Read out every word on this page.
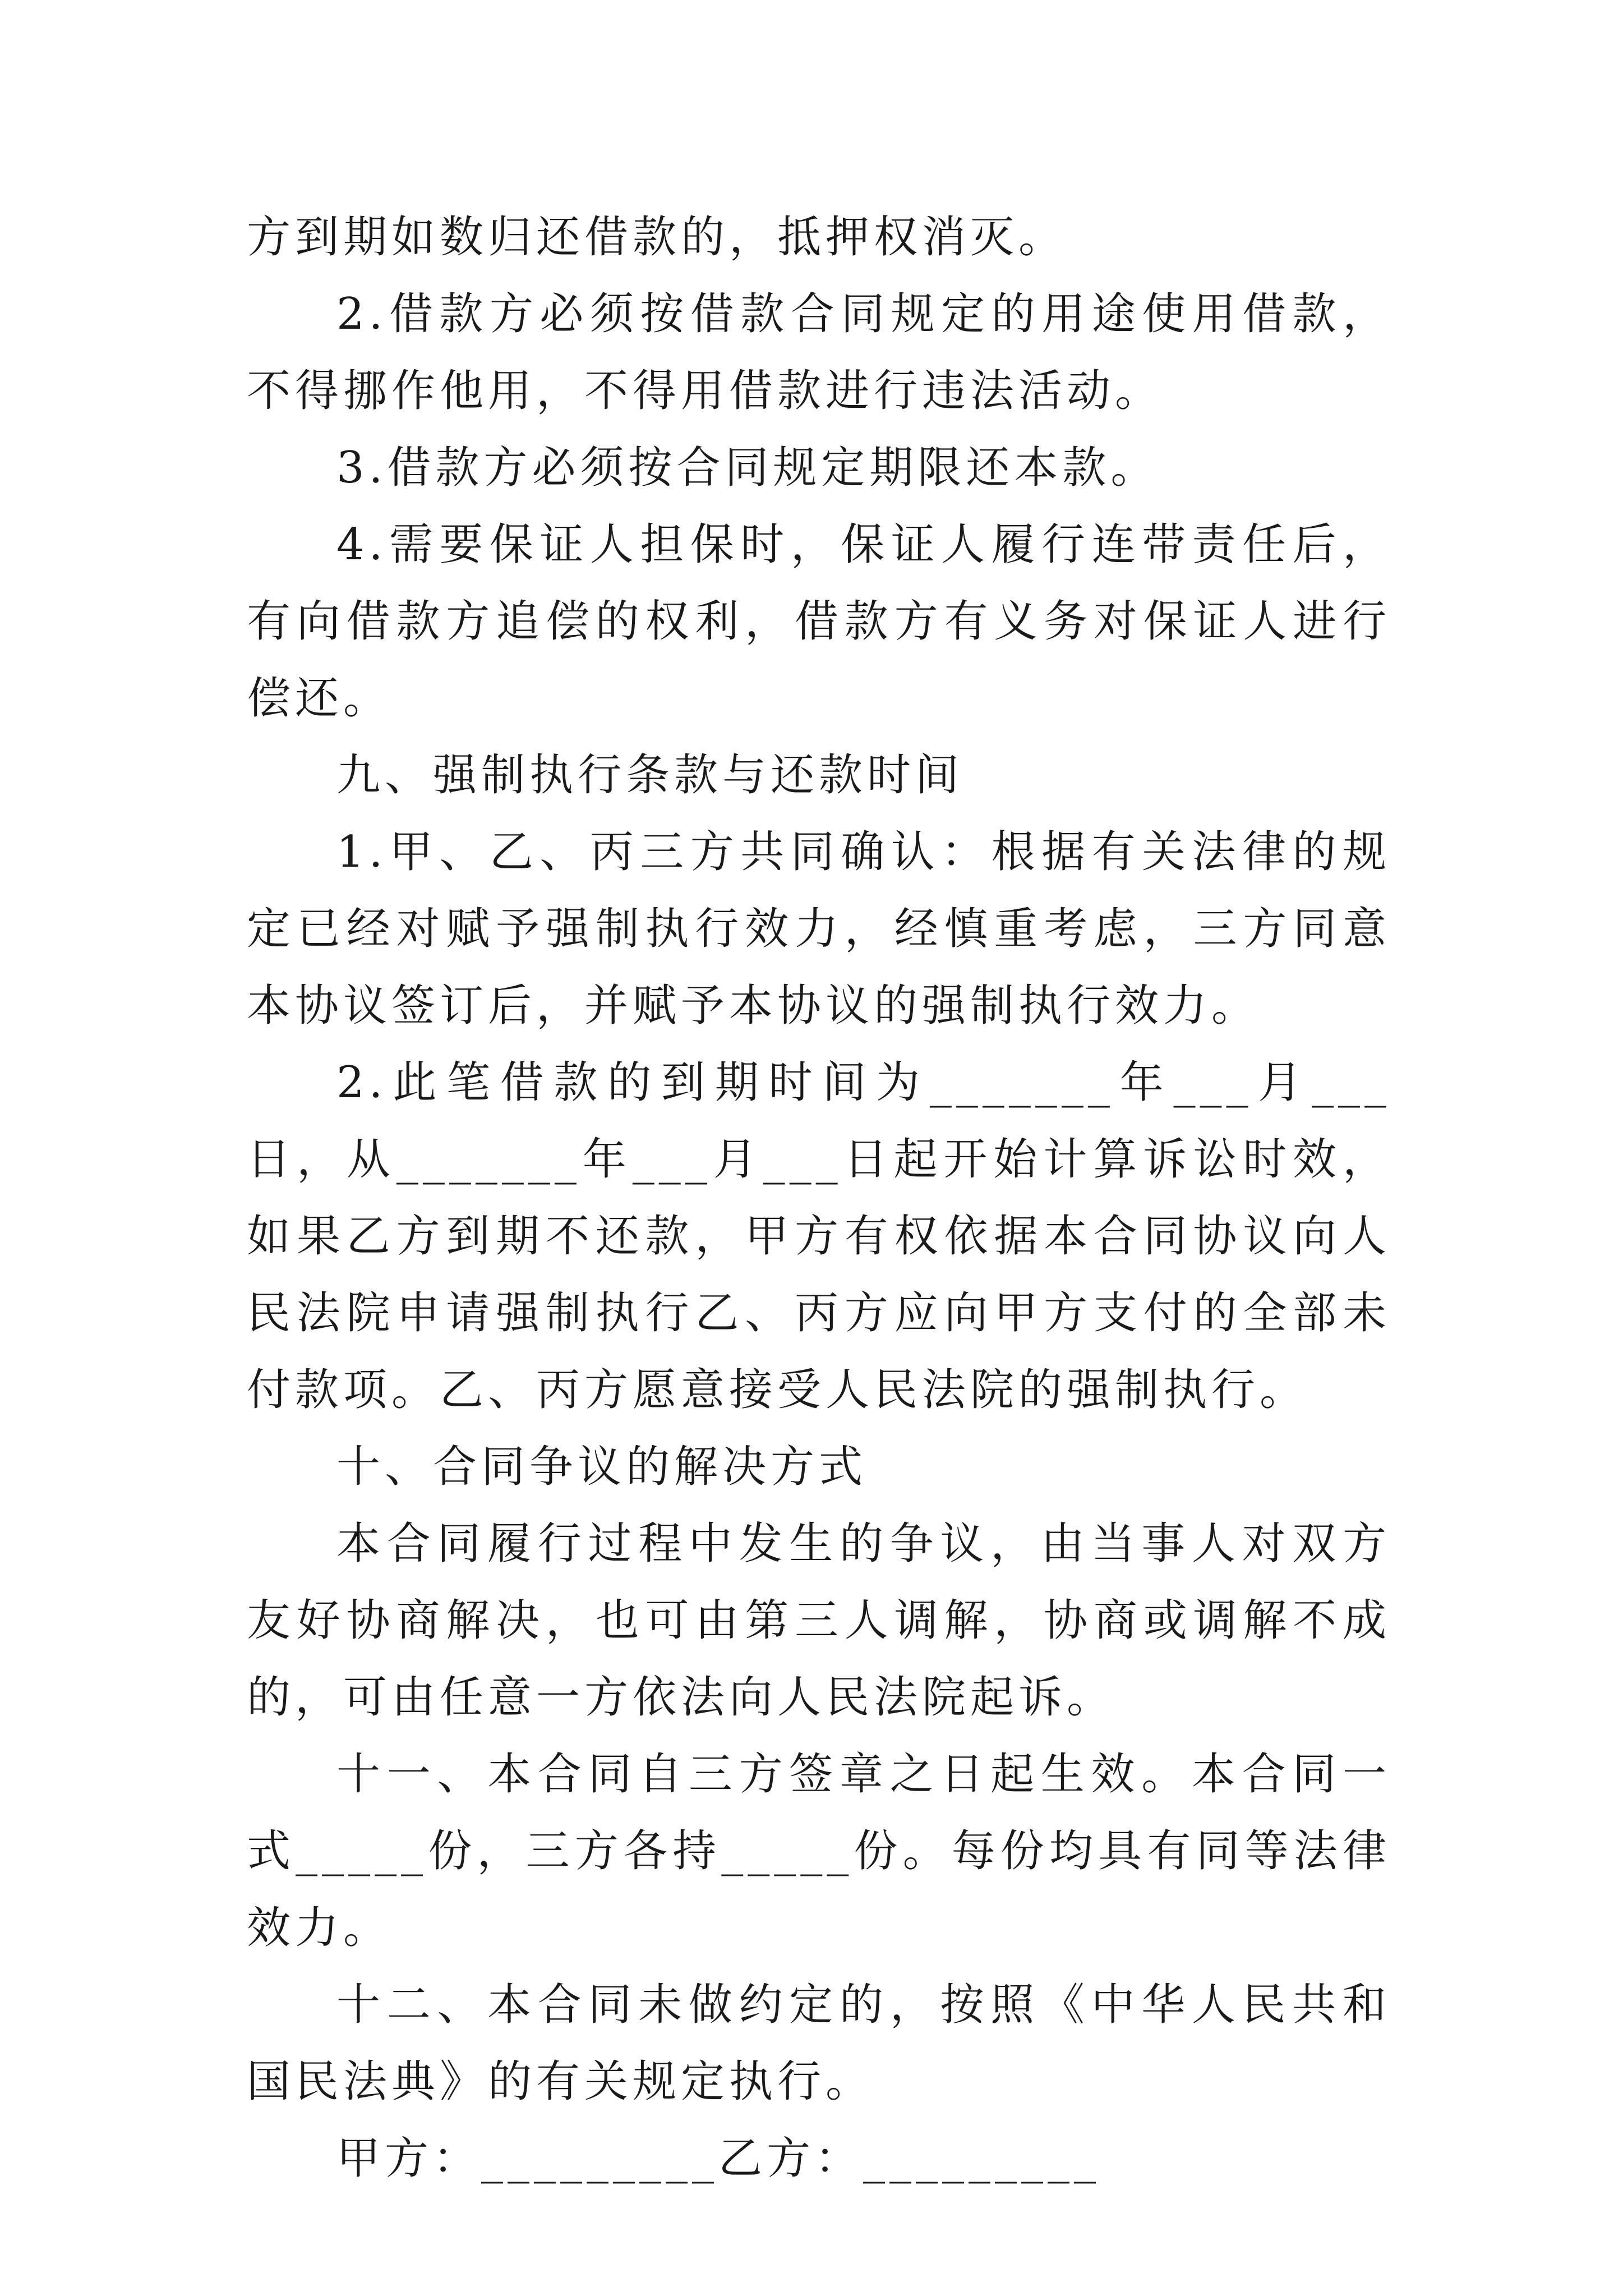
方到期如数归还借款的，抵押权消灭。

2.借款方必须按借款合同规定的用途使用借款，不得挪作他用，不得用借款进行违法活动。

3.借款方必须按合同规定期限还本款。

4.需要保证人担保时，保证人履行连带责任后，有向借款方追偿的权利，借款方有义务对保证人进行偿还。

九、强制执行条款与还款时间

1.甲、乙、丙三方共同确认：根据有关法律的规定已经对赋予强制执行效力，经慎重考虑，三方同意本协议签订后，并赋予本协议的强制执行效力。

2.此笔借款的到期时间为_______年___月___日，从_______年___月___日起开始计算诉讼时效，如果乙方到期不还款，甲方有权依据本合同协议向人民法院申请强制执行乙、丙方应向甲方支付的全部未付款项。乙、丙方愿意接受人民法院的强制执行。

十、合同争议的解决方式

本合同履行过程中发生的争议，由当事人对双方友好协商解决，也可由第三人调解，协商或调解不成的，可由任意一方依法向人民法院起诉。

十一、本合同自三方签章之日起生效。本合同一式_____份，三方各持_____份。每份均具有同等法律效力。

十二、本合同未做约定的，按照《中华人民共和国民法典》的有关规定执行。

甲方：_________乙方：_________
